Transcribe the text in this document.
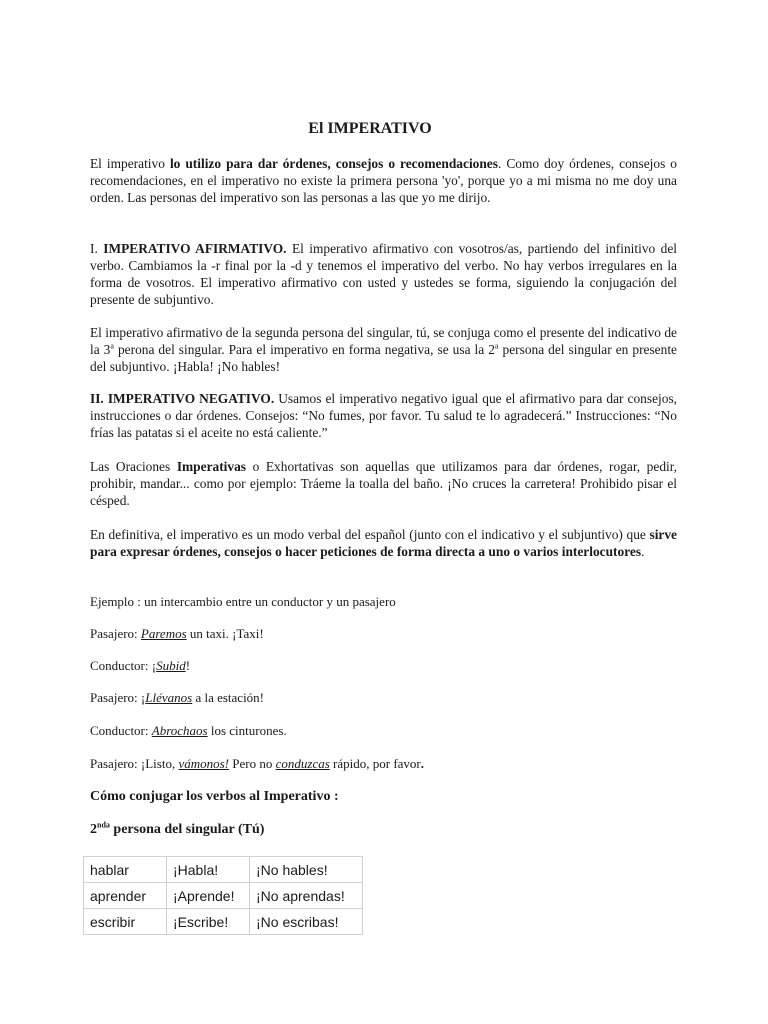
El IMPERATIVO
El imperativo lo utilizo para dar órdenes, consejos o recomendaciones. Como doy órdenes, consejos o recomendaciones, en el imperativo no existe la primera persona 'yo', porque yo a mi misma no me doy una orden. Las personas del imperativo son las personas a las que yo me dirijo.
I. IMPERATIVO AFIRMATIVO. El imperativo afirmativo con vosotros/as, partiendo del infinitivo del verbo. Cambiamos la -r final por la -d y tenemos el imperativo del verbo. No hay verbos irregulares en la forma de vosotros. El imperativo afirmativo con usted y ustedes se forma, siguiendo la conjugación del presente de subjuntivo.
El imperativo afirmativo de la segunda persona del singular, tú, se conjuga como el presente del indicativo de la 3$^a$ perona del singular. Para el imperativo en forma negativa, se usa la 2$^a$ persona del singular en presente del subjuntivo. ¡Habla! ¡No hables!
II. IMPERATIVO NEGATIVO. Usamos el imperativo negativo igual que el afirmativo para dar consejos, instrucciones o dar órdenes. Consejos: “No fumes, por favor. Tu salud te lo agradecerá.” Instrucciones: “No frías las patatas si el aceite no está caliente.”
Las Oraciones Imperativas o Exhortativas son aquellas que utilizamos para dar órdenes, rogar, pedir, prohibir, mandar... como por ejemplo: Tráeme la toalla del baño. ¡No cruces la carretera! Prohibido pisar el césped.
En definitiva, el imperativo es un modo verbal del español (junto con el indicativo y el subjuntivo) que sirve para expresar órdenes, consejos o hacer peticiones de forma directa a uno o varios interlocutores.
Ejemplo : un intercambio entre un conductor y un pasajero
Pasajero: Paremos un taxi. ¡Taxi!
Conductor: ¡Subid!
Pasajero: ¡Llévanos a la estación!
Conductor: Abrochaos los cinturones.
Pasajero: ¡Listo, vámonos! Pero no conduzcas rápido, por favor.
Cómo conjugar los verbos al Imperativo :
$2^{nda}$ persona del singular (Tú)
hablar	¡Habla!	¡No hables!
aprender	¡Aprende!	¡No aprendas!
escribir	¡Escribe!	¡No escribas!
